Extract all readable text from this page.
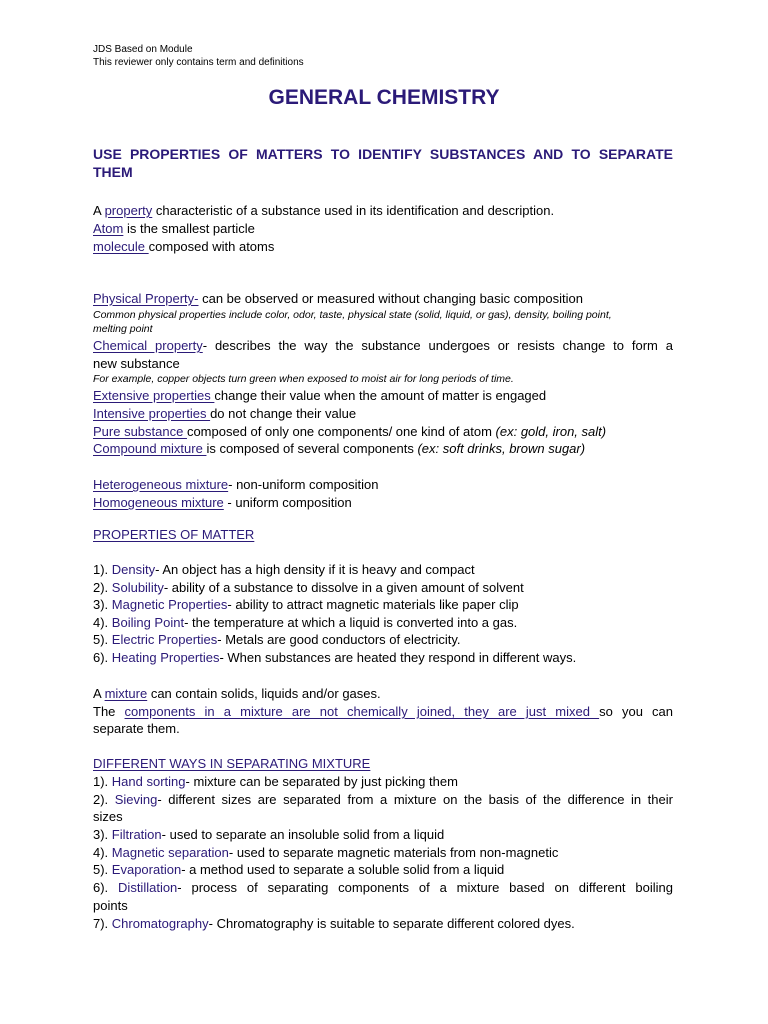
JDS Based on Module
This reviewer only contains term and definitions
GENERAL CHEMISTRY
USE PROPERTIES OF MATTERS TO IDENTIFY SUBSTANCES AND TO SEPARATE THEM
A property characteristic of a substance used in its identification and description.
Atom is the smallest particle
molecule composed with atoms
Physical Property- can be observed or measured without changing basic composition
Common physical properties include color, odor, taste, physical state (solid, liquid, or gas), density, boiling point,
melting point
Chemical property- describes the way the substance undergoes or resists change to form a
new substance
For example, copper objects turn green when exposed to moist air for long periods of time.
Extensive properties change their value when the amount of matter is engaged
Intensive properties do not change their value
Pure substance composed of only one components/ one kind of atom (ex: gold, iron, salt)
Compound mixture is composed of several components (ex: soft drinks, brown sugar)
Heterogeneous mixture- non-uniform composition
Homogeneous mixture - uniform composition
PROPERTIES OF MATTER
1). Density- An object has a high density if it is heavy and compact
2). Solubility- ability of a substance to dissolve in a given amount of solvent
3). Magnetic Properties- ability to attract magnetic materials like paper clip
4). Boiling Point- the temperature at which a liquid is converted into a gas.
5). Electric Properties- Metals are good conductors of electricity.
6). Heating Properties- When substances are heated they respond in different ways.
A mixture can contain solids, liquids and/or gases.
The components in a mixture are not chemically joined, they are just mixed so you can
separate them.
DIFFERENT WAYS IN SEPARATING MIXTURE
1). Hand sorting- mixture can be separated by just picking them
2). Sieving- different sizes are separated from a mixture on the basis of the difference in their
sizes
3). Filtration- used to separate an insoluble solid from a liquid
4). Magnetic separation- used to separate magnetic materials from non-magnetic
5). Evaporation- a method used to separate a soluble solid from a liquid
6). Distillation- process of separating components of a mixture based on different boiling
points
7). Chromatography- Chromatography is suitable to separate different colored dyes.
